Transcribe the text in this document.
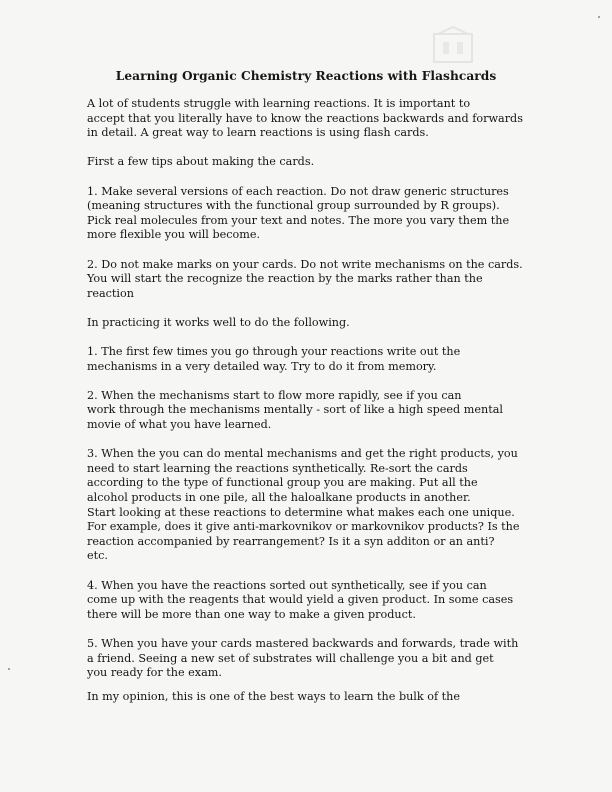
Learning Organic Chemistry Reactions with Flashcards
A lot of students struggle with learning reactions. It is important to
accept that you literally have to know the reactions backwards and forwards
in detail. A great way to learn reactions is using flash cards.
First a few tips about making the cards.
1. Make several versions of each reaction. Do not draw generic structures
(meaning structures with the functional group surrounded by R groups).
Pick real molecules from your text and notes. The more you vary them the
more flexible you will become.
2. Do not make marks on your cards. Do not write mechanisms on the cards.
You will start the recognize the reaction by the marks rather than the
reaction
In practicing it works well to do the following.
1. The first few times you go through your reactions write out the
mechanisms in a very detailed way. Try to do it from memory.
2. When the mechanisms start to flow more rapidly, see if you can
work through the mechanisms mentally - sort of like a high speed mental
movie of what you have learned.
3. When the you can do mental mechanisms and get the right products, you
need to start learning the reactions synthetically. Re-sort the cards
according to the type of functional group you are making. Put all the
alcohol products in one pile, all the haloalkane products in another.
Start looking at these reactions to determine what makes each one unique.
For example, does it give anti-markovnikov or markovnikov products? Is the
reaction accompanied by rearrangement? Is it a syn additon or an anti?
etc.
4. When you have the reactions sorted out synthetically, see if you can
come up with the reagents that would yield a given product. In some cases
there will be more than one way to make a given product.
5. When you have your cards mastered backwards and forwards, trade with
a friend. Seeing a new set of substrates will challenge you a bit and get
you ready for the exam.
In my opinion, this is one of the best ways to learn the bulk of the
